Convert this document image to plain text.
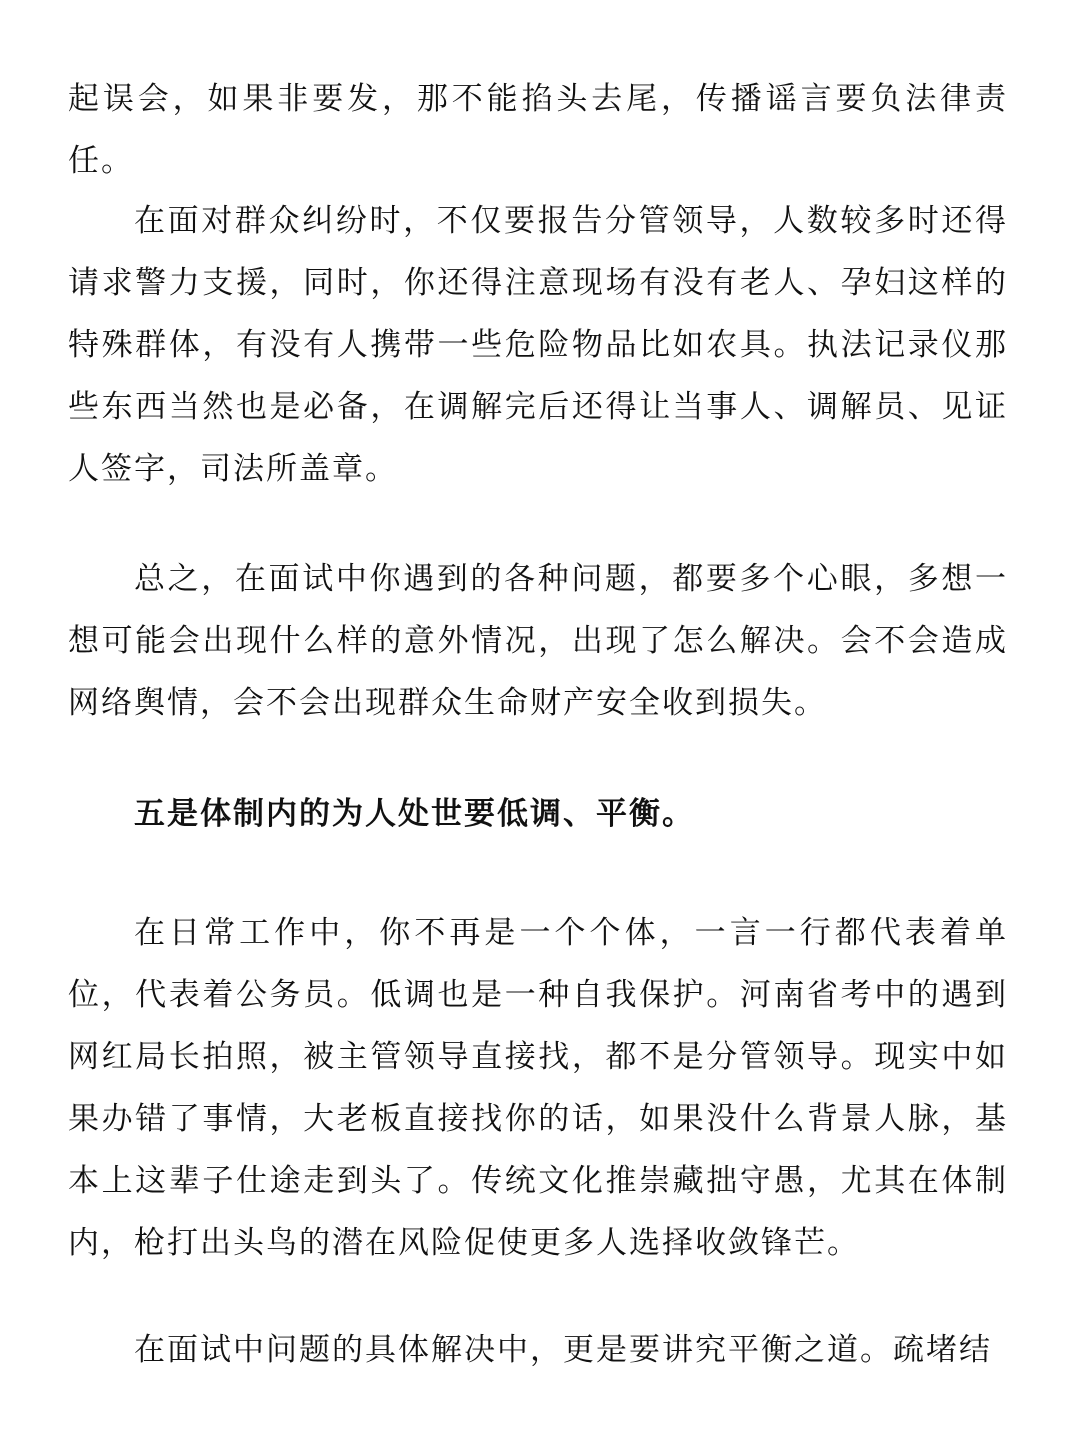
起误会，如果非要发，那不能掐头去尾，传播谣言要负法律责任。

在面对群众纠纷时，不仅要报告分管领导，人数较多时还得请求警力支援，同时，你还得注意现场有没有老人、孕妇这样的特殊群体，有没有人携带一些危险物品比如农具。执法记录仪那些东西当然也是必备，在调解完后还得让当事人、调解员、见证人签字，司法所盖章。

总之，在面试中你遇到的各种问题，都要多个心眼，多想一想可能会出现什么样的意外情况，出现了怎么解决。会不会造成网络舆情，会不会出现群众生命财产安全收到损失。

五是体制内的为人处世要低调、平衡。

在日常工作中，你不再是一个个体，一言一行都代表着单位，代表着公务员。低调也是一种自我保护。河南省考中的遇到网红局长拍照，被主管领导直接找，都不是分管领导。现实中如果办错了事情，大老板直接找你的话，如果没什么背景人脉，基本上这辈子仕途走到头了。传统文化推崇藏拙守愚，尤其在体制内，枪打出头鸟的潜在风险促使更多人选择收敛锋芒。

在面试中问题的具体解决中，更是要讲究平衡之道。疏堵结
